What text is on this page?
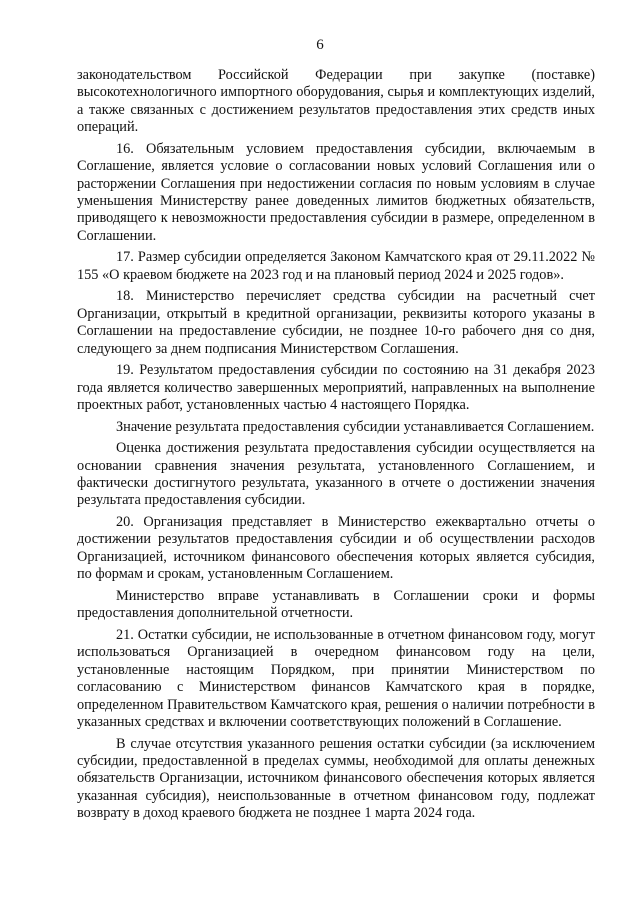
6

законодательством Российской Федерации при закупке (поставке) высокотехнологичного импортного оборудования, сырья и комплектующих изделий, а также связанных с достижением результатов предоставления этих средств иных операций.

16. Обязательным условием предоставления субсидии, включаемым в Соглашение, является условие о согласовании новых условий Соглашения или о расторжении Соглашения при недостижении согласия по новым условиям в случае уменьшения Министерству ранее доведенных лимитов бюджетных обязательств, приводящего к невозможности предоставления субсидии в размере, определенном в Соглашении.

17. Размер субсидии определяется Законом Камчатского края от 29.11.2022 № 155 «О краевом бюджете на 2023 год и на плановый период 2024 и 2025 годов».

18. Министерство перечисляет средства субсидии на расчетный счет Организации, открытый в кредитной организации, реквизиты которого указаны в Соглашении на предоставление субсидии, не позднее 10-го рабочего дня со дня, следующего за днем подписания Министерством Соглашения.

19. Результатом предоставления субсидии по состоянию на 31 декабря 2023 года является количество завершенных мероприятий, направленных на выполнение проектных работ, установленных частью 4 настоящего Порядка.

Значение результата предоставления субсидии устанавливается Соглашением.

Оценка достижения результата предоставления субсидии осуществляется на основании сравнения значения результата, установленного Соглашением, и фактически достигнутого результата, указанного в отчете о достижении значения результата предоставления субсидии.

20. Организация представляет в Министерство ежеквартально отчеты о достижении результатов предоставления субсидии и об осуществлении расходов Организацией, источником финансового обеспечения которых является субсидия, по формам и срокам, установленным Соглашением.

Министерство вправе устанавливать в Соглашении сроки и формы предоставления дополнительной отчетности.

21. Остатки субсидии, не использованные в отчетном финансовом году, могут использоваться Организацией в очередном финансовом году на цели, установленные настоящим Порядком, при принятии Министерством по согласованию с Министерством финансов Камчатского края в порядке, определенном Правительством Камчатского края, решения о наличии потребности в указанных средствах и включении соответствующих положений в Соглашение.

В случае отсутствия указанного решения остатки субсидии (за исключением субсидии, предоставленной в пределах суммы, необходимой для оплаты денежных обязательств Организации, источником финансового обеспечения которых является указанная субсидия), неиспользованные в отчетном финансовом году, подлежат возврату в доход краевого бюджета не позднее 1 марта 2024 года.
